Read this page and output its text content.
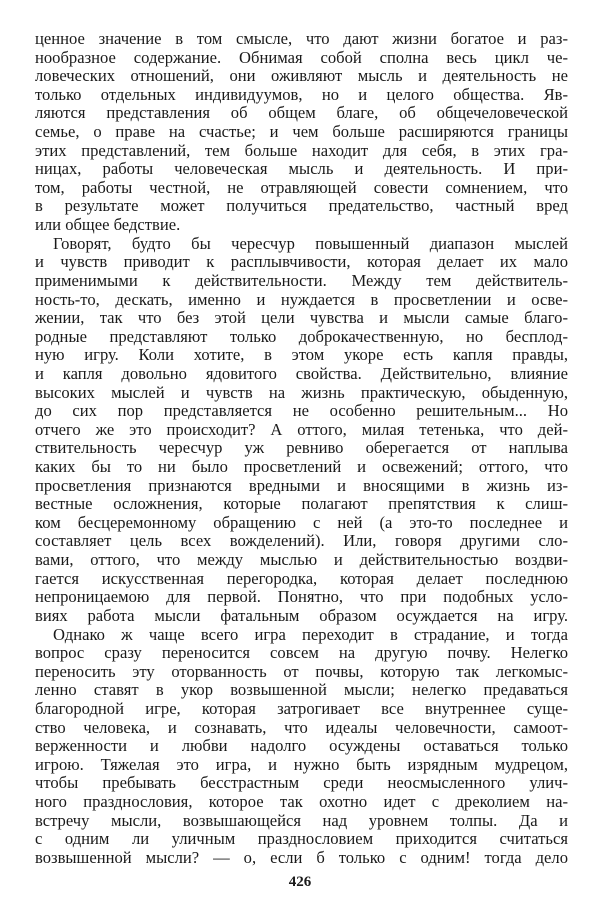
ценное значение в том смысле, что дают жизни богатое и раз-
нообразное содержание. Обнимая собой сполна весь цикл че-
ловеческих отношений, они оживляют мысль и деятельность не
только отдельных индивидуумов, но и целого общества. Яв-
ляются представления об общем благе, об общечеловеческой
семье, о праве на счастье; и чем больше расширяются границы
этих представлений, тем больше находит для себя, в этих гра-
ницах, работы человеческая мысль и деятельность. И при-
том, работы честной, не отравляющей совести сомнением, что
в результате может получиться предательство, частный вред
или общее бедствие.
Говорят, будто бы чересчур повышенный диапазон мыслей
и чувств приводит к расплывчивости, которая делает их мало
применимыми к действительности. Между тем действитель-
ность-то, дескать, именно и нуждается в просветлении и осве-
жении, так что без этой цели чувства и мысли самые благо-
родные представляют только доброкачественную, но бесплод-
ную игру. Коли хотите, в этом укоре есть капля правды,
и капля довольно ядовитого свойства. Действительно, влияние
высоких мыслей и чувств на жизнь практическую, обыденную,
до сих пор представляется не особенно решительным... Но
отчего же это происходит? А оттого, милая тетенька, что дей-
ствительность чересчур уж ревниво оберегается от наплыва
каких бы то ни было просветлений и освежений; оттого, что
просветления признаются вредными и вносящими в жизнь из-
вестные осложнения, которые полагают препятствия к слиш-
ком бесцеремонному обращению с ней (а это-то последнее и
составляет цель всех вожделений). Или, говоря другими сло-
вами, оттого, что между мыслью и действительностью воздви-
гается искусственная перегородка, которая делает последнюю
непроницаемою для первой. Понятно, что при подобных усло-
виях работа мысли фатальным образом осуждается на игру.
Однако ж чаще всего игра переходит в страдание, и тогда
вопрос сразу переносится совсем на другую почву. Нелегко
переносить эту оторванность от почвы, которую так легкомыс-
ленно ставят в укор возвышенной мысли; нелегко предаваться
благородной игре, которая затрогивает все внутреннее суще-
ство человека, и сознавать, что идеалы человечности, самоот-
верженности и любви надолго осуждены оставаться только
игрою. Тяжелая это игра, и нужно быть изрядным мудрецом,
чтобы пребывать бесстрастным среди неосмысленного улич-
ного празднословия, которое так охотно идет с дреколием на-
встречу мысли, возвышающейся над уровнем толпы. Да и
с одним ли уличным празднословием приходится считаться
возвышенной мысли? — о, если б только с одним! тогда дело
426
